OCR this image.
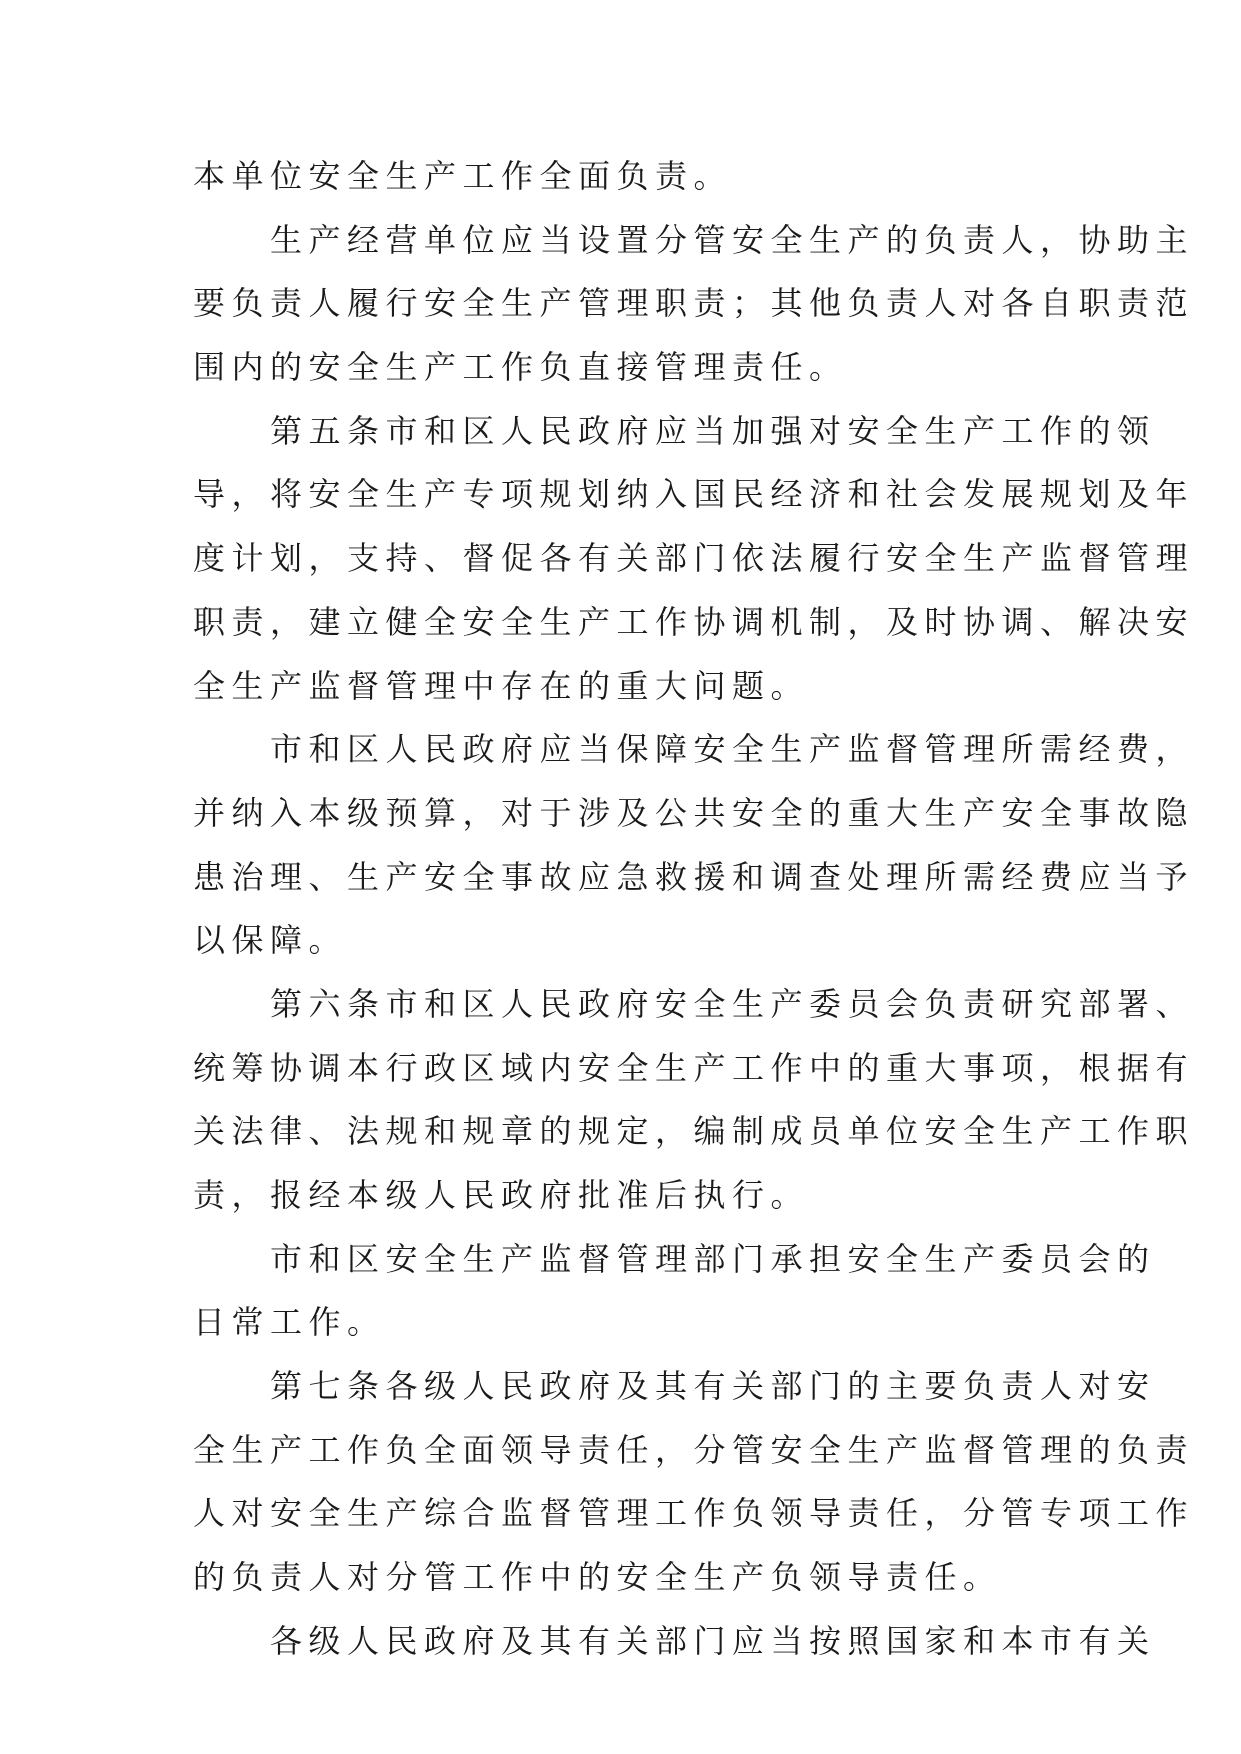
本单位安全生产工作全面负责。
　　生产经营单位应当设置分管安全生产的负责人，协助主
要负责人履行安全生产管理职责；其他负责人对各自职责范
围内的安全生产工作负直接管理责任。
　　第五条市和区人民政府应当加强对安全生产工作的领
导，将安全生产专项规划纳入国民经济和社会发展规划及年
度计划，支持、督促各有关部门依法履行安全生产监督管理
职责，建立健全安全生产工作协调机制，及时协调、解决安
全生产监督管理中存在的重大问题。
　　市和区人民政府应当保障安全生产监督管理所需经费，
并纳入本级预算，对于涉及公共安全的重大生产安全事故隐
患治理、生产安全事故应急救援和调查处理所需经费应当予
以保障。
　　第六条市和区人民政府安全生产委员会负责研究部署、
统筹协调本行政区域内安全生产工作中的重大事项，根据有
关法律、法规和规章的规定，编制成员单位安全生产工作职
责，报经本级人民政府批准后执行。
　　市和区安全生产监督管理部门承担安全生产委员会的
日常工作。
　　第七条各级人民政府及其有关部门的主要负责人对安
全生产工作负全面领导责任，分管安全生产监督管理的负责
人对安全生产综合监督管理工作负领导责任，分管专项工作
的负责人对分管工作中的安全生产负领导责任。
　　各级人民政府及其有关部门应当按照国家和本市有关
